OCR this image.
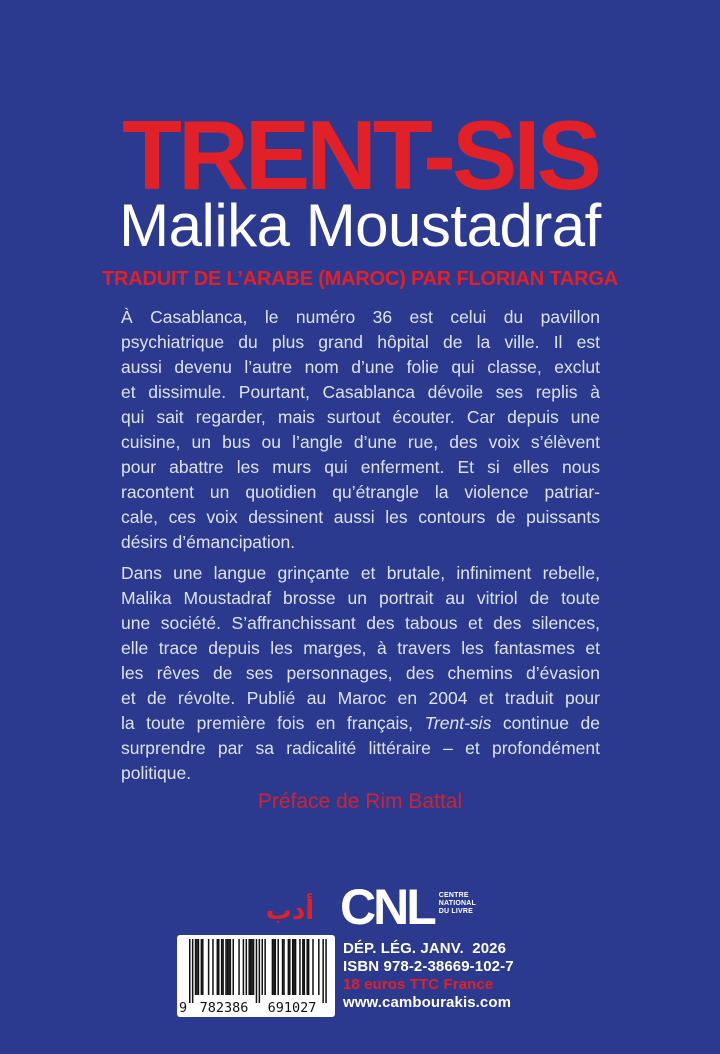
TRENT-SIS
Malika Moustadraf
TRADUIT DE L’ARABE (MAROC) PAR FLORIAN TARGA
À Casablanca, le numéro 36 est celui du pavillon
psychiatrique du plus grand hôpital de la ville. Il est
aussi devenu l’autre nom d’une folie qui classe, exclut
et dissimule. Pourtant, Casablanca dévoile ses replis à
qui sait regarder, mais surtout écouter. Car depuis une
cuisine, un bus ou l’angle d’une rue, des voix s’élèvent
pour abattre les murs qui enferment. Et si elles nous
racontent un quotidien qu’étrangle la violence patriar-
cale, ces voix dessinent aussi les contours de puissants
désirs d’émancipation.
Dans une langue grinçante et brutale, infiniment rebelle,
Malika Moustadraf brosse un portrait au vitriol de toute
une société. S’affranchissant des tabous et des silences,
elle trace depuis les marges, à travers les fantasmes et
les rêves de ses personnages, des chemins d’évasion
et de révolte. Publié au Maroc en 2004 et traduit pour
la toute première fois en français, Trent-sis continue de
surprendre par sa radicalité littéraire – et profondément
politique.
Préface de Rim Battal
أدب CNL CENTRE
NATIONAL
DU LIVRE
9 782386	691027
DÉP. LÉG. JANV.  2026
ISBN 978-2-38669-102-7
18 euros TTC France
www.cambourakis.com
